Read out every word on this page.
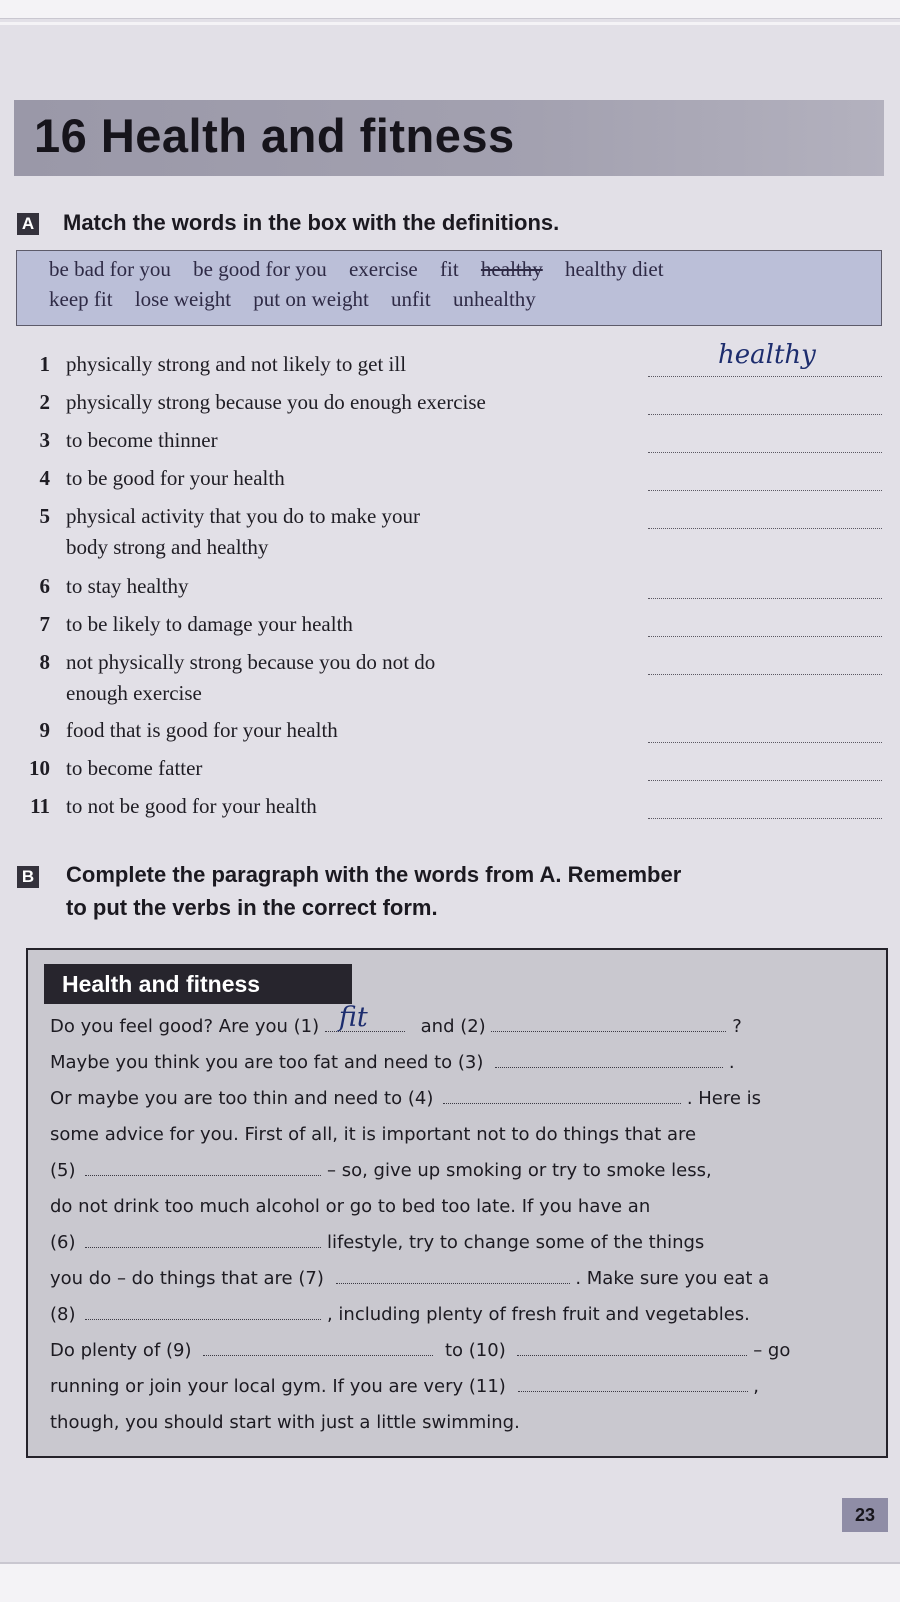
16 Health and fitness
A Match the words in the box with the definitions.
be bad for you be good for you exercise fit healthy healthy diet
keep fit lose weight put on weight unfit unhealthy
1 physically strong and not likely to get ill	healthy
2 physically strong because you do enough exercise
3 to become thinner
4 to be good for your health
5 physical activity that you do to make your
body strong and healthy
6 to stay healthy
7 to be likely to damage your health
8 not physically strong because you do not do
enough exercise
9 food that is good for your health
10 to become fatter
11 to not be good for your health
B Complete the paragraph with the words from A. Remember
to put the verbs in the correct form.
Health and fitness
Do you feel good? Are you (1) fit	and (2)	?
Maybe you think you are too fat and need to (3)	.
Or maybe you are too thin and need to (4)	. Here is
some advice for you. First of all, it is important not to do things that are
(5)	– so, give up smoking or try to smoke less,
do not drink too much alcohol or go to bed too late. If you have an
(6)	lifestyle, try to change some of the things
you do – do things that are (7)	. Make sure you eat a
(8)	, including plenty of fresh fruit and vegetables.
Do plenty of (9)	to (10)	– go
running or join your local gym. If you are very (11)	,
though, you should start with just a little swimming.
23
